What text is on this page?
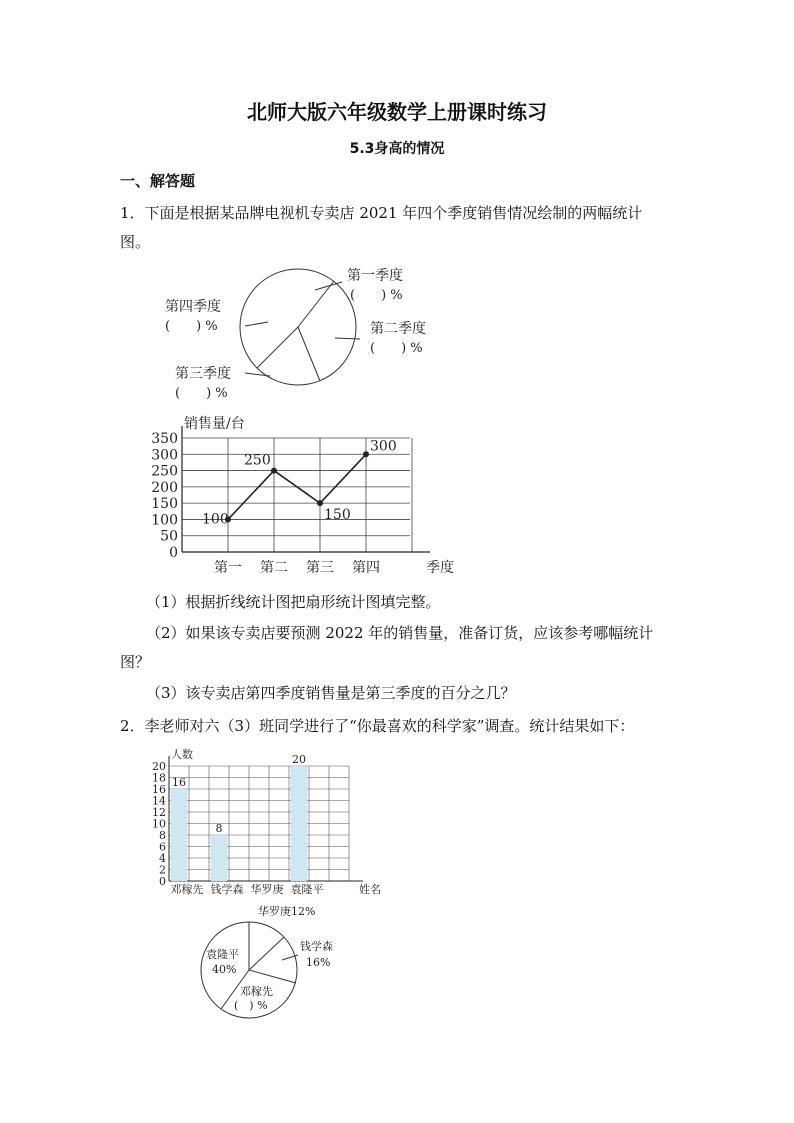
北师大版六年级数学上册课时练习
5.3身高的情况
一、解答题
1．下面是根据某品牌电视机专卖店 2021 年四个季度销售情况绘制的两幅统计
图。
第一季度
(　　) %
第二季度
(　　) %
第三季度
(　　) %
第四季度
(　　) %
0
50
100
150
200
250
300
350
销售量/台
季度
第一 第二 第三 第四
100
250
150
300
（1）根据折线统计图把扇形统计图填完整。
（2）如果该专卖店要预测 2022 年的销售量，准备订货，应该参考哪幅统计
图？
（3）该专卖店第四季度销售量是第三季度的百分之几？
2．李老师对六（3）班同学进行了“你最喜欢的科学家”调查。统计结果如下：
0
2
4
6
8
10
12
14
16
18
20
人数
姓名
16
邓稼先
8
钱学森 华罗庚
20
袁隆平
华罗庚12%
钱学森
16%
袁隆平
40%
邓稼先
(　) %
